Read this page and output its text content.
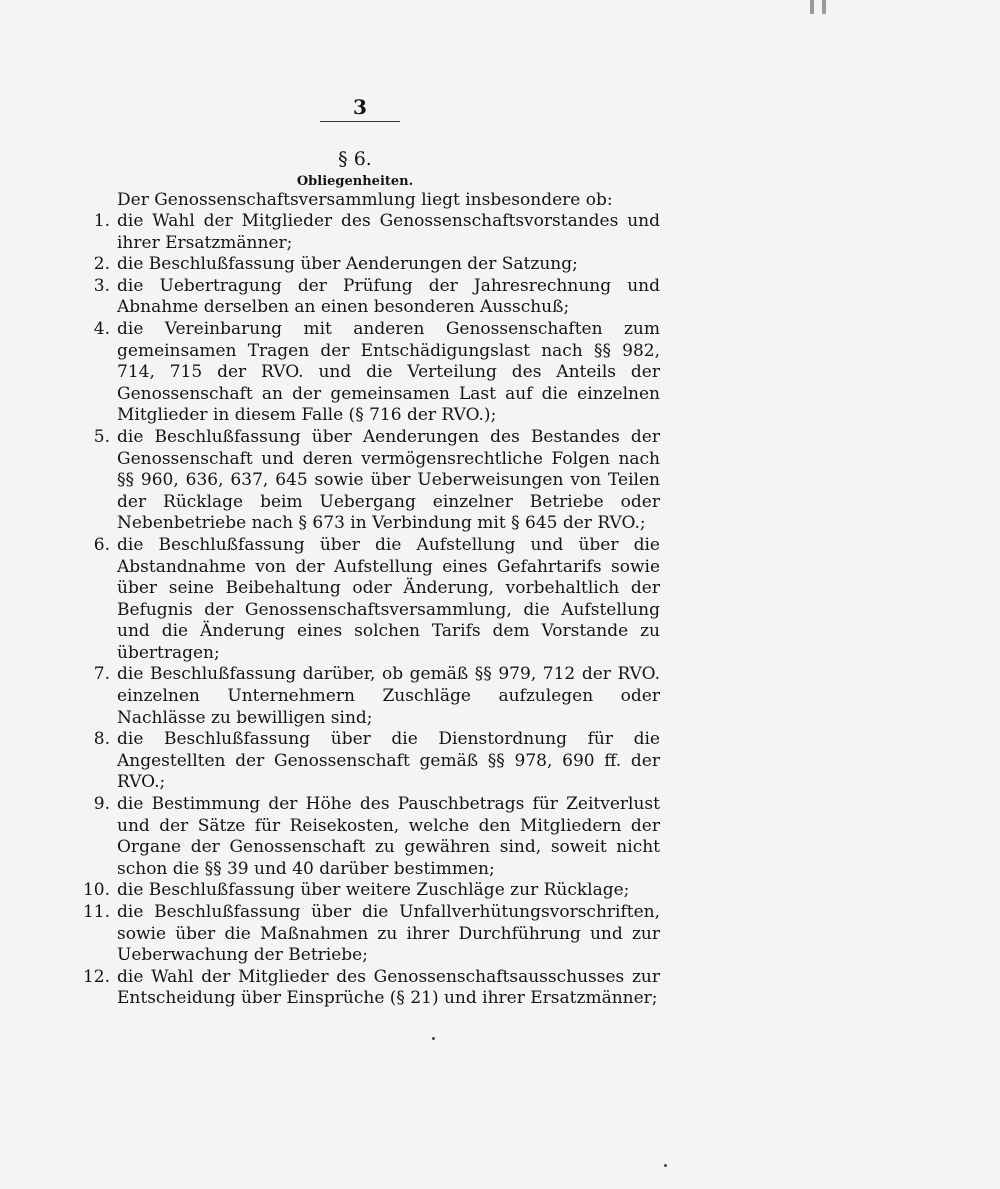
3
§ 6.
Obliegenheiten.
Der Genossenschaftsversammlung liegt insbesondere ob:
1. die Wahl der Mitglieder des Genossenschaftsvorstandes und ihrer Ersatzmänner;
2. die Beschlußfassung über Aenderungen der Satzung;
3. die Uebertragung der Prüfung der Jahresrechnung und Abnahme derselben an einen besonderen Ausschuß;
4. die Vereinbarung mit anderen Genossenschaften zum gemeinsamen Tragen der Entschädigungslast nach §§ 982, 714, 715 der RVO. und die Verteilung des Anteils der Genossenschaft an der gemeinsamen Last auf die einzelnen Mitglieder in diesem Falle (§ 716 der RVO.);
5. die Beschlußfassung über Aenderungen des Bestandes der Genossenschaft und deren vermögensrechtliche Folgen nach §§ 960, 636, 637, 645 sowie über Ueberweisungen von Teilen der Rücklage beim Uebergang einzelner Betriebe oder Nebenbetriebe nach § 673 in Verbindung mit § 645 der RVO.;
6. die Beschlußfassung über die Aufstellung und über die Abstandnahme von der Aufstellung eines Gefahrtarifs sowie über seine Beibehaltung oder Änderung, vorbehaltlich der Befugnis der Genossenschaftsversammlung, die Aufstellung und die Änderung eines solchen Tarifs dem Vorstande zu übertragen;
7. die Beschlußfassung darüber, ob gemäß §§ 979, 712 der RVO. einzelnen Unternehmern Zuschläge aufzulegen oder Nachlässe zu bewilligen sind;
8. die Beschlußfassung über die Dienstordnung für die Angestellten der Genossenschaft gemäß §§ 978, 690 ff. der RVO.;
9. die Bestimmung der Höhe des Pauschbetrags für Zeitverlust und der Sätze für Reisekosten, welche den Mitgliedern der Organe der Genossenschaft zu gewähren sind, soweit nicht schon die §§ 39 und 40 darüber bestimmen;
10. die Beschlußfassung über weitere Zuschläge zur Rücklage;
11. die Beschlußfassung über die Unfallverhütungsvorschriften, sowie über die Maßnahmen zu ihrer Durchführung und zur Ueberwachung der Betriebe;
12. die Wahl der Mitglieder des Genossenschaftsausschusses zur Entscheidung über Einsprüche (§ 21) und ihrer Ersatzmänner;
